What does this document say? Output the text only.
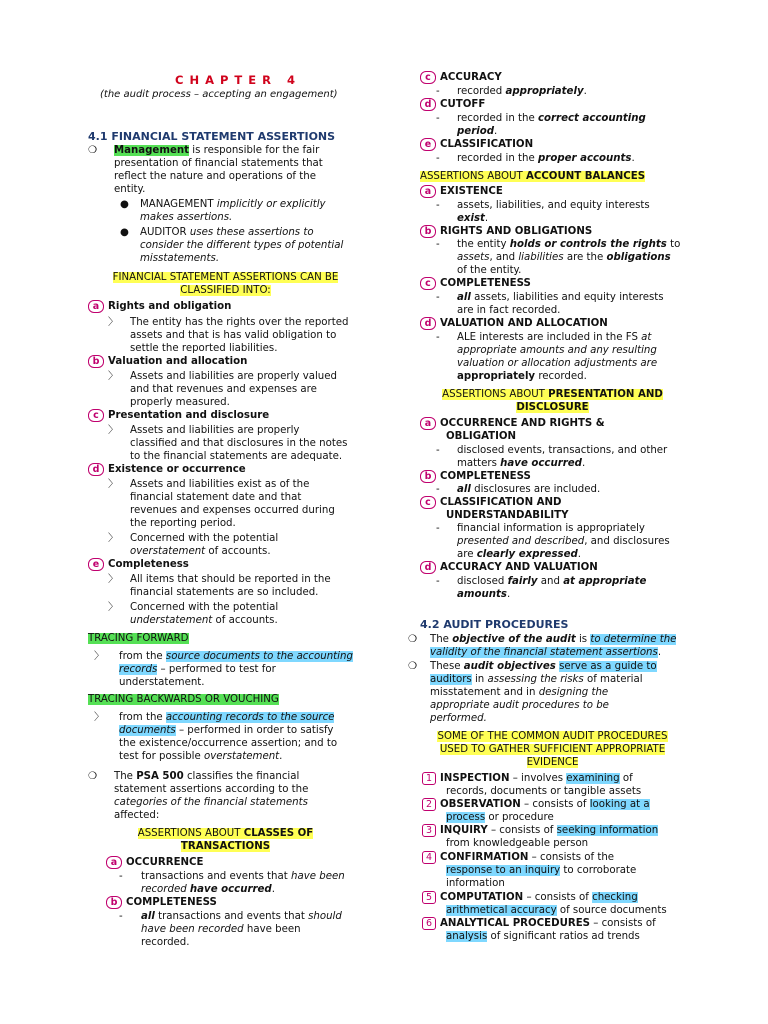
CHAPTER 4
(the audit process – accepting an engagement)
4.1 FINANCIAL STATEMENT ASSERTIONS
❍ Management is responsible for the fair
presentation of financial statements that
reflect the nature and operations of the
entity.
● MANAGEMENT implicitly or explicitly
makes assertions.
● AUDITOR uses these assertions to
consider the different types of potential
misstatements.
FINANCIAL STATEMENT ASSERTIONS CAN BE
CLASSIFIED INTO:
a Rights and obligation
〉 The entity has the rights over the reported
assets and that is has valid obligation to
settle the reported liabilities.
b Valuation and allocation
〉 Assets and liabilities are properly valued
and that revenues and expenses are
properly measured.
c Presentation and disclosure
〉 Assets and liabilities are properly
classified and that disclosures in the notes
to the financial statements are adequate.
d Existence or occurrence
〉 Assets and liabilities exist as of the
financial statement date and that
revenues and expenses occurred during
the reporting period.
〉 Concerned with the potential
overstatement of accounts.
e Completeness
〉 All items that should be reported in the
financial statements are so included.
〉 Concerned with the potential
understatement of accounts.
TRACING FORWARD
〉 from the source documents to the accounting
records – performed to test for
understatement.
TRACING BACKWARDS OR VOUCHING
〉 from the accounting records to the source
documents – performed in order to satisfy
the existence/occurrence assertion; and to
test for possible overstatement.
❍ The PSA 500 classifies the financial
statement assertions according to the
categories of the financial statements
affected:
ASSERTIONS ABOUT CLASSES OF
TRANSACTIONS
a OCCURRENCE
- transactions and events that have been
recorded have occurred.
b COMPLETENESS
- all transactions and events that should
have been recorded have been
recorded.
c ACCURACY
- recorded appropriately.
d CUTOFF
- recorded in the correct accounting
period.
e CLASSIFICATION
- recorded in the proper accounts.
ASSERTIONS ABOUT ACCOUNT BALANCES
a EXISTENCE
- assets, liabilities, and equity interests
exist.
b RIGHTS AND OBLIGATIONS
- the entity holds or controls the rights to
assets, and liabilities are the obligations
of the entity.
c COMPLETENESS
- all assets, liabilities and equity interests
are in fact recorded.
d VALUATION AND ALLOCATION
- ALE interests are included in the FS at
appropriate amounts and any resulting
valuation or allocation adjustments are
appropriately recorded.
ASSERTIONS ABOUT PRESENTATION AND
DISCLOSURE
a OCCURRENCE AND RIGHTS &
OBLIGATION
- disclosed events, transactions, and other
matters have occurred.
b COMPLETENESS
- all disclosures are included.
c CLASSIFICATION AND
UNDERSTANDABILITY
- financial information is appropriately
presented and described, and disclosures
are clearly expressed.
d ACCURACY AND VALUATION
- disclosed fairly and at appropriate
amounts.
4.2 AUDIT PROCEDURES
❍ The objective of the audit is to determine the
validity of the financial statement assertions.
❍ These audit objectives serve as a guide to
auditors in assessing the risks of material
misstatement and in designing the
appropriate audit procedures to be
performed.
SOME OF THE COMMON AUDIT PROCEDURES
USED TO GATHER SUFFICIENT APPROPRIATE
EVIDENCE
1 INSPECTION – involves examining of
records, documents or tangible assets
2 OBSERVATION – consists of looking at a
process or procedure
3 INQUIRY – consists of seeking information
from knowledgeable person
4 CONFIRMATION – consists of the
response to an inquiry to corroborate
information
5 COMPUTATION – consists of checking
arithmetical accuracy of source documents
6 ANALYTICAL PROCEDURES – consists of
analysis of significant ratios ad trends
